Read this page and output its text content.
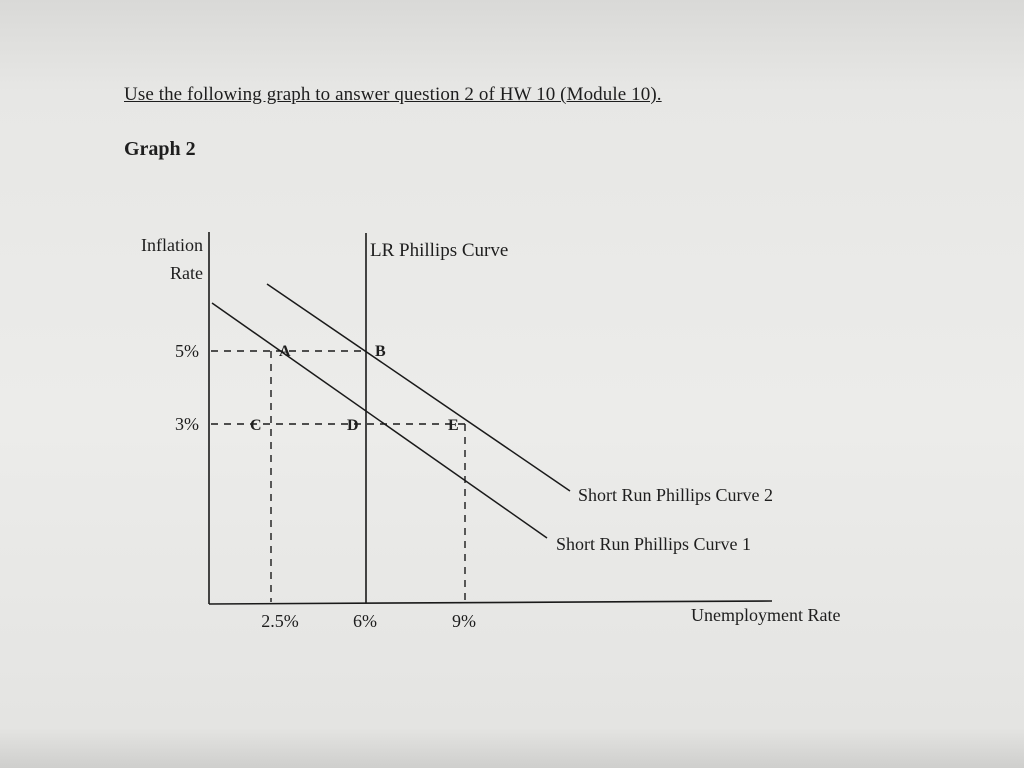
Use the following graph to answer question 2 of HW 10 (Module 10).
Graph 2
Inflation
Rate
Unemployment Rate
5%
3%
2.5%	6%	9%
LR Phillips Curve
Short Run Phillips Curve 1
Short Run Phillips Curve 2
A	B
C	D	E
